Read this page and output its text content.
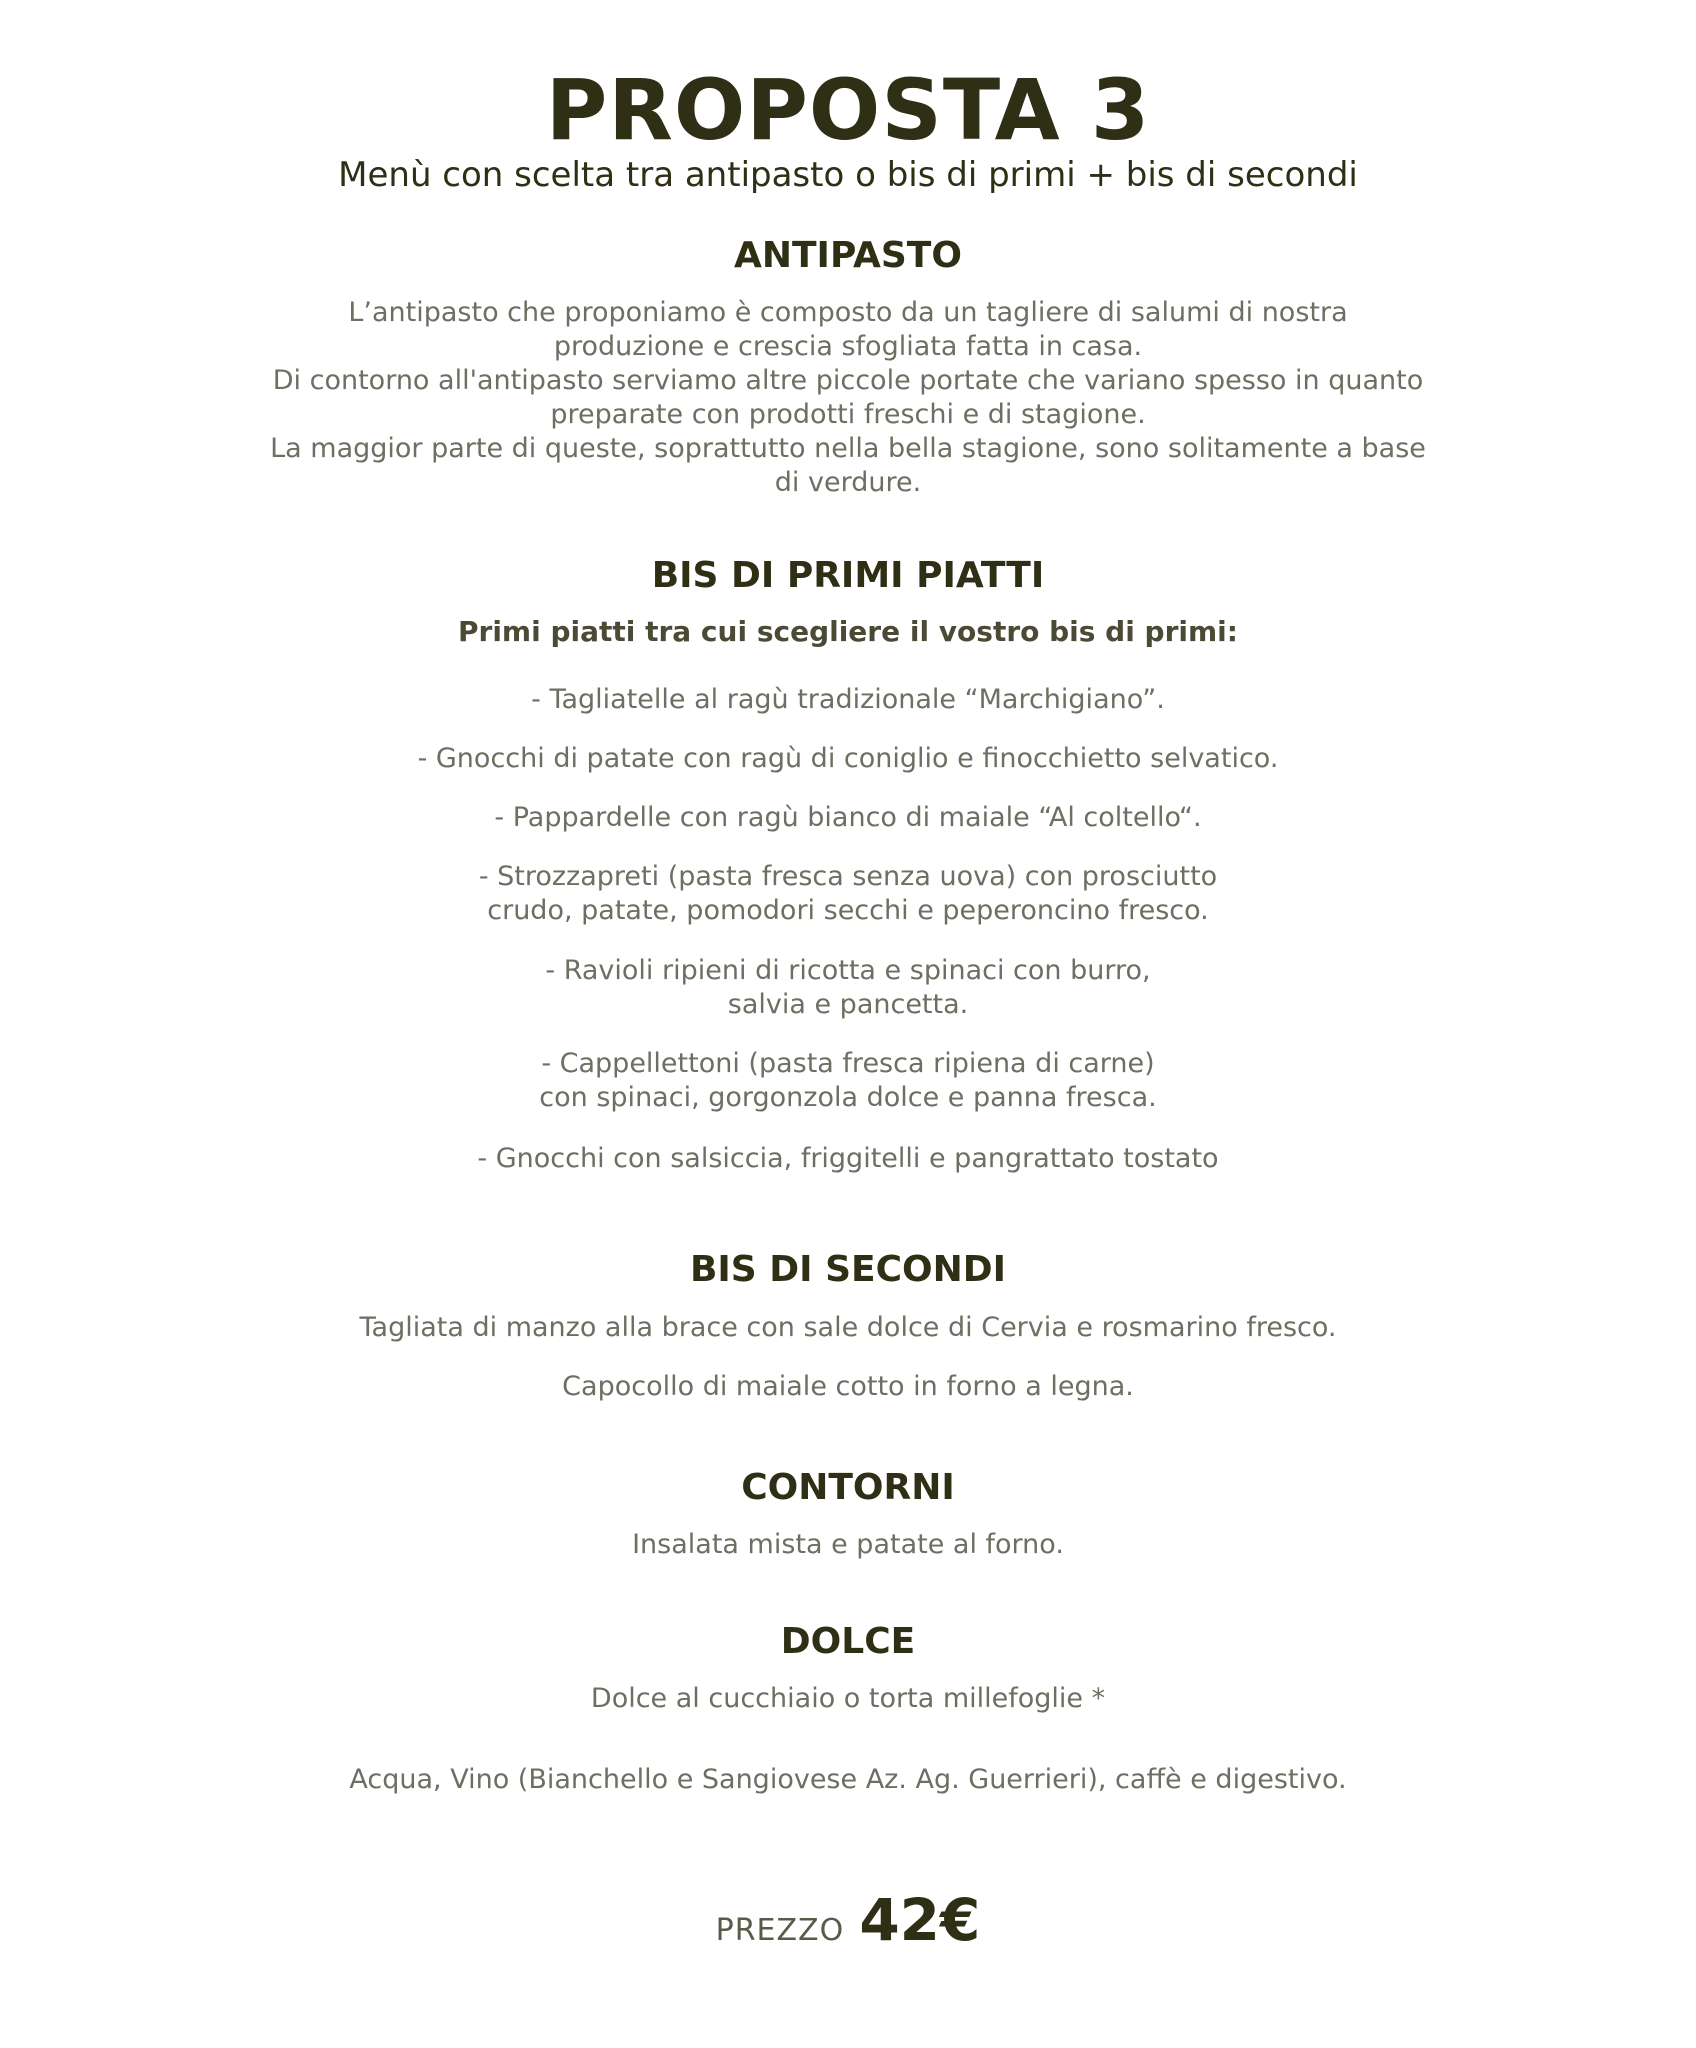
PROPOSTA 3
Menù con scelta tra antipasto o bis di primi + bis di secondi
ANTIPASTO
L’antipasto che proponiamo è composto da un tagliere di salumi di nostra
produzione e crescia sfogliata fatta in casa.
Di contorno all'antipasto serviamo altre piccole portate che variano spesso in quanto
preparate con prodotti freschi e di stagione.
La maggior parte di queste, soprattutto nella bella stagione, sono solitamente a base
di verdure.
BIS DI PRIMI PIATTI
Primi piatti tra cui scegliere il vostro bis di primi:
- Tagliatelle al ragù tradizionale “Marchigiano”.
- Gnocchi di patate con ragù di coniglio e finocchietto selvatico.
- Pappardelle con ragù bianco di maiale “Al coltello“.
- Strozzapreti (pasta fresca senza uova) con prosciutto
crudo, patate, pomodori secchi e peperoncino fresco.
- Ravioli ripieni di ricotta e spinaci con burro,
salvia e pancetta.
- Cappellettoni (pasta fresca ripiena di carne)
con spinaci, gorgonzola dolce e panna fresca.
- Gnocchi con salsiccia, friggitelli e pangrattato tostato
BIS DI SECONDI
Tagliata di manzo alla brace con sale dolce di Cervia e rosmarino fresco.
Capocollo di maiale cotto in forno a legna.
CONTORNI
Insalata mista e patate al forno.
DOLCE
Dolce al cucchiaio o torta millefoglie *
Acqua, Vino (Bianchello e Sangiovese Az. Ag. Guerrieri), caffè e digestivo.
PREZZO 42€
